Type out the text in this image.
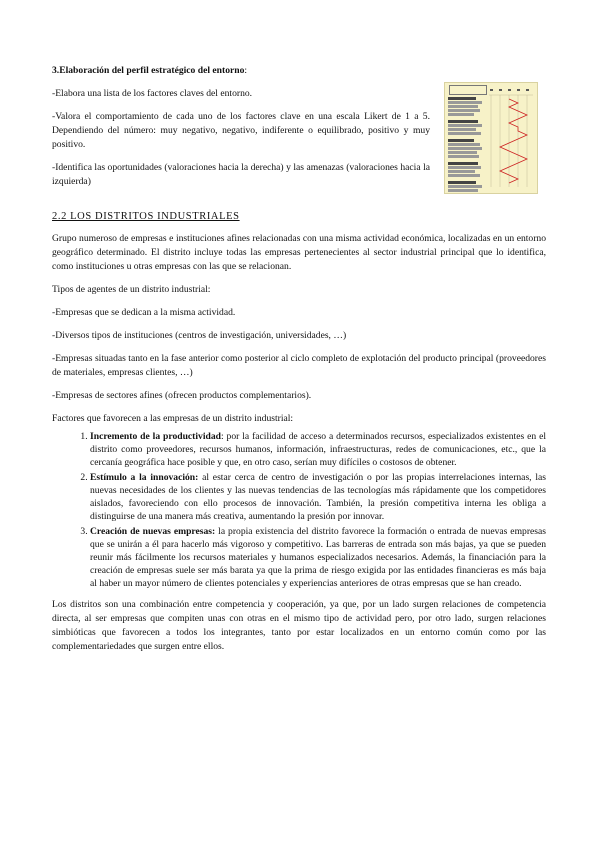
3.Elaboración del perfil estratégico del entorno:

-Elabora una lista de los factores claves del entorno.

-Valora el comportamiento de cada uno de los factores clave en una escala Likert de 1 a 5. Dependiendo del número: muy negativo, negativo, indiferente o equilibrado, positivo y muy positivo.

-Identifica las oportunidades (valoraciones hacia la derecha) y las amenazas (valoraciones hacia la izquierda)

2.2 LOS DISTRITOS INDUSTRIALES

Grupo numeroso de empresas e instituciones afines relacionadas con una misma actividad económica, localizadas en un entorno geográfico determinado. El distrito incluye todas las empresas pertenecientes al sector industrial principal que lo identifica, como instituciones u otras empresas con las que se relacionan.

Tipos de agentes de un distrito industrial:

-Empresas que se dedican a la misma actividad.

-Diversos tipos de instituciones (centros de investigación, universidades, …)

-Empresas situadas tanto en la fase anterior como posterior al ciclo completo de explotación del producto principal (proveedores de materiales, empresas clientes, …)

-Empresas de sectores afines (ofrecen productos complementarios).

Factores que favorecen a las empresas de un distrito industrial:

1. Incremento de la productividad: por la facilidad de acceso a determinados recursos, especializados existentes en el distrito como proveedores, recursos humanos, información, infraestructuras, redes de comunicaciones, etc., que la cercanía geográfica hace posible y que, en otro caso, serían muy difíciles o costosos de obtener.
2. Estímulo a la innovación: al estar cerca de centro de investigación o por las propias interrelaciones internas, las nuevas necesidades de los clientes y las nuevas tendencias de las tecnologías más rápidamente que los competidores aislados, favoreciendo con ello procesos de innovación. También, la presión competitiva interna les obliga a distinguirse de una manera más creativa, aumentando la presión por innovar.
3. Creación de nuevas empresas: la propia existencia del distrito favorece la formación o entrada de nuevas empresas que se unirán a él para hacerlo más vigoroso y competitivo. Las barreras de entrada son más bajas, ya que se pueden reunir más fácilmente los recursos materiales y humanos especializados necesarios. Además, la financiación para la creación de empresas suele ser más barata ya que la prima de riesgo exigida por las entidades financieras es más baja al haber un mayor número de clientes potenciales y experiencias anteriores de otras empresas que se han creado.

Los distritos son una combinación entre competencia y cooperación, ya que, por un lado surgen relaciones de competencia directa, al ser empresas que compiten unas con otras en el mismo tipo de actividad pero, por otro lado, surgen relaciones simbióticas que favorecen a todos los integrantes, tanto por estar localizados en un entorno común como por las complementariedades que surgen entre ellos.
